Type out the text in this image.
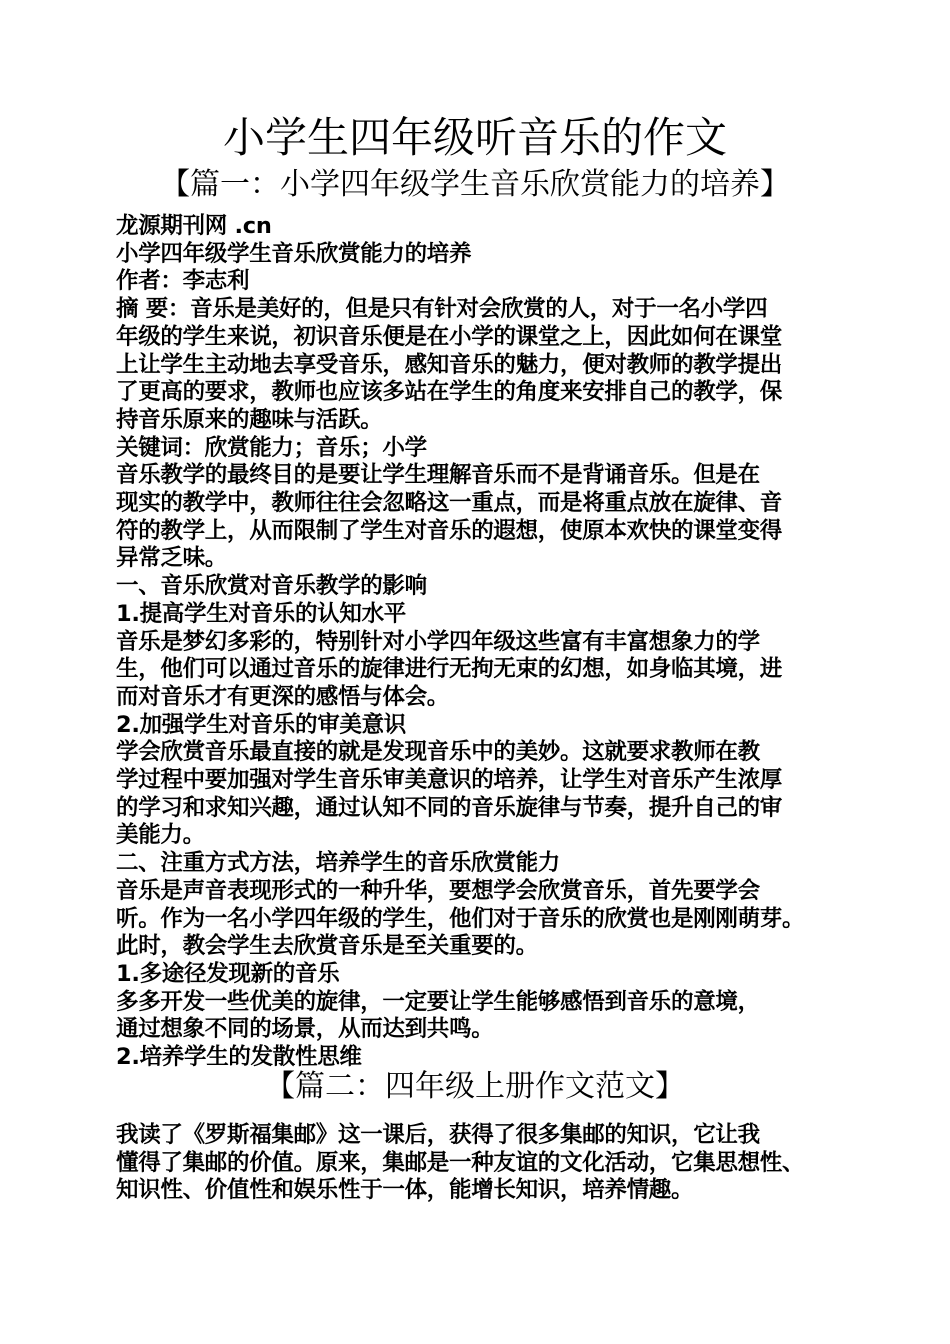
小学生四年级听音乐的作文
【篇一：小学四年级学生音乐欣赏能力的培养】
龙源期刊网 .cn
小学四年级学生音乐欣赏能力的培养
作者：李志利
摘 要：音乐是美好的，但是只有针对会欣赏的人，对于一名小学四
年级的学生来说，初识音乐便是在小学的课堂之上，因此如何在课堂
上让学生主动地去享受音乐，感知音乐的魅力，便对教师的教学提出
了更高的要求，教师也应该多站在学生的角度来安排自己的教学，保
持音乐原来的趣味与活跃。
关键词：欣赏能力；音乐；小学
音乐教学的最终目的是要让学生理解音乐而不是背诵音乐。但是在
现实的教学中，教师往往会忽略这一重点，而是将重点放在旋律、音
符的教学上，从而限制了学生对音乐的遐想，使原本欢快的课堂变得
异常乏味。
一、音乐欣赏对音乐教学的影响
1.提高学生对音乐的认知水平
音乐是梦幻多彩的，特别针对小学四年级这些富有丰富想象力的学
生，他们可以通过音乐的旋律进行无拘无束的幻想，如身临其境，进
而对音乐才有更深的感悟与体会。
2.加强学生对音乐的审美意识
学会欣赏音乐最直接的就是发现音乐中的美妙。这就要求教师在教
学过程中要加强对学生音乐审美意识的培养，让学生对音乐产生浓厚
的学习和求知兴趣，通过认知不同的音乐旋律与节奏，提升自己的审
美能力。
二、注重方式方法，培养学生的音乐欣赏能力
音乐是声音表现形式的一种升华，要想学会欣赏音乐，首先要学会
听。作为一名小学四年级的学生，他们对于音乐的欣赏也是刚刚萌芽。
此时，教会学生去欣赏音乐是至关重要的。
1.多途径发现新的音乐
多多开发一些优美的旋律，一定要让学生能够感悟到音乐的意境，
通过想象不同的场景，从而达到共鸣。
2.培养学生的发散性思维
【篇二：四年级上册作文范文】
我读了《罗斯福集邮》这一课后，获得了很多集邮的知识，它让我
懂得了集邮的价值。原来，集邮是一种友谊的文化活动，它集思想性、
知识性、价值性和娱乐性于一体，能增长知识，培养情趣。
